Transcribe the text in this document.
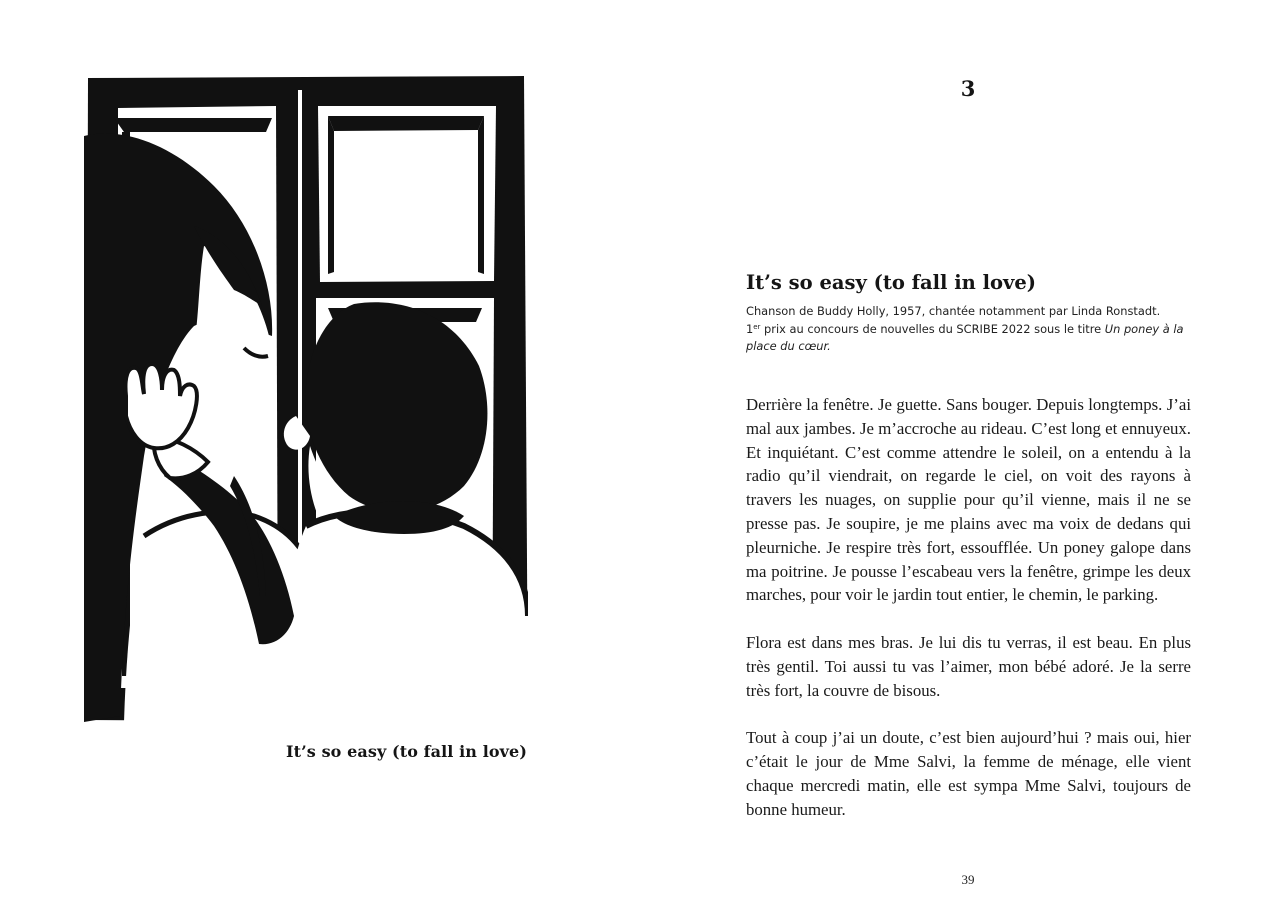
It’s so easy (to fall in love)
3
It’s so easy (to fall in love)

Chanson de Buddy Holly, 1957, chantée notamment par Linda Ronstadt.

1er prix au concours de nouvelles du SCRIBE 2022 sous le titre Un poney à la place du cœur.

Derrière la fenêtre. Je guette. Sans bouger. Depuis longtemps. J’ai mal aux jambes. Je m’accroche au rideau. C’est long et ennuyeux. Et inquiétant. C’est comme attendre le soleil, on a entendu à la radio qu’il viendrait, on regarde le ciel, on voit des rayons à travers les nuages, on supplie pour qu’il vienne, mais il ne se presse pas. Je soupire, je me plains avec ma voix de dedans qui pleurniche. Je respire très fort, essoufflée. Un poney galope dans ma poitrine. Je pousse l’escabeau vers la fenêtre, grimpe les deux marches, pour voir le jardin tout entier, le chemin, le parking.

Flora est dans mes bras. Je lui dis tu verras, il est beau. En plus très gentil. Toi aussi tu vas l’aimer, mon bébé adoré. Je la serre très fort, la couvre de bisous.

Tout à coup j’ai un doute, c’est bien aujourd’hui ? mais oui, hier c’était le jour de Mme Salvi, la femme de ménage, elle vient chaque mercredi matin, elle est sympa Mme Salvi, toujours de bonne humeur.

39
